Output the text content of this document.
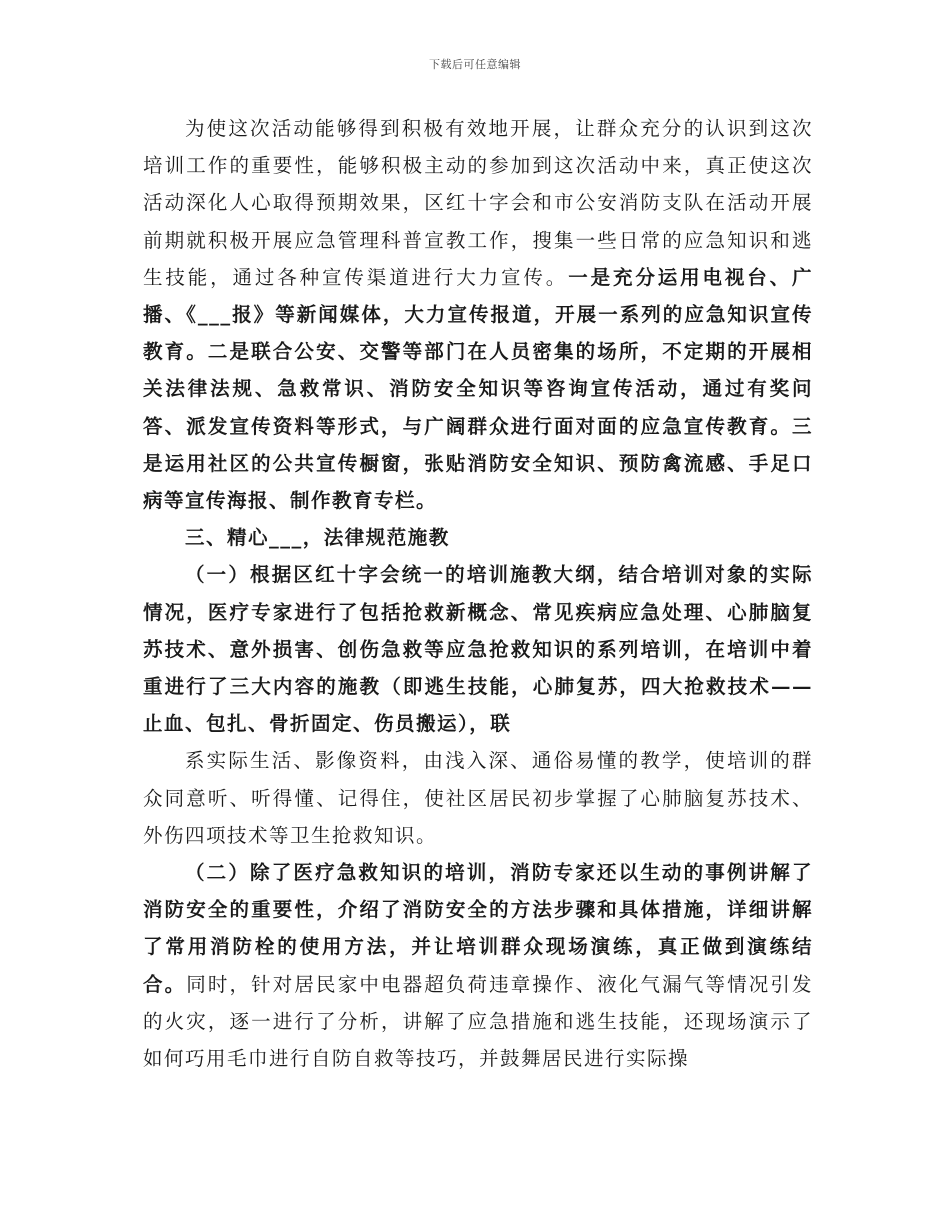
下载后可任意编辑

为使这次活动能够得到积极有效地开展，让群众充分的认识到这次培训工作的重要性，能够积极主动的参加到这次活动中来，真正使这次活动深化人心取得预期效果，区红十字会和市公安消防支队在活动开展前期就积极开展应急管理科普宣教工作，搜集一些日常的应急知识和逃生技能，通过各种宣传渠道进行大力宣传。一是充分运用电视台、广播、《___报》等新闻媒体，大力宣传报道，开展一系列的应急知识宣传教育。二是联合公安、交警等部门在人员密集的场所，不定期的开展相关法律法规、急救常识、消防安全知识等咨询宣传活动，通过有奖问答、派发宣传资料等形式，与广阔群众进行面对面的应急宣传教育。三是运用社区的公共宣传橱窗，张贴消防安全知识、预防禽流感、手足口病等宣传海报、制作教育专栏。

三、精心___，法律规范施教

（一）根据区红十字会统一的培训施教大纲，结合培训对象的实际情况，医疗专家进行了包括抢救新概念、常见疾病应急处理、心肺脑复苏技术、意外损害、创伤急救等应急抢救知识的系列培训，在培训中着重进行了三大内容的施教（即逃生技能，心肺复苏，四大抢救技术——止血、包扎、骨折固定、伤员搬运），联

系实际生活、影像资料，由浅入深、通俗易懂的教学，使培训的群众同意听、听得懂、记得住，使社区居民初步掌握了心肺脑复苏技术、外伤四项技术等卫生抢救知识。

（二）除了医疗急救知识的培训，消防专家还以生动的事例讲解了消防安全的重要性，介绍了消防安全的方法步骤和具体措施，详细讲解了常用消防栓的使用方法，并让培训群众现场演练，真正做到演练结合。同时，针对居民家中电器超负荷违章操作、液化气漏气等情况引发的火灾，逐一进行了分析，讲解了应急措施和逃生技能，还现场演示了如何巧用毛巾进行自防自救等技巧，并鼓舞居民进行实际操
